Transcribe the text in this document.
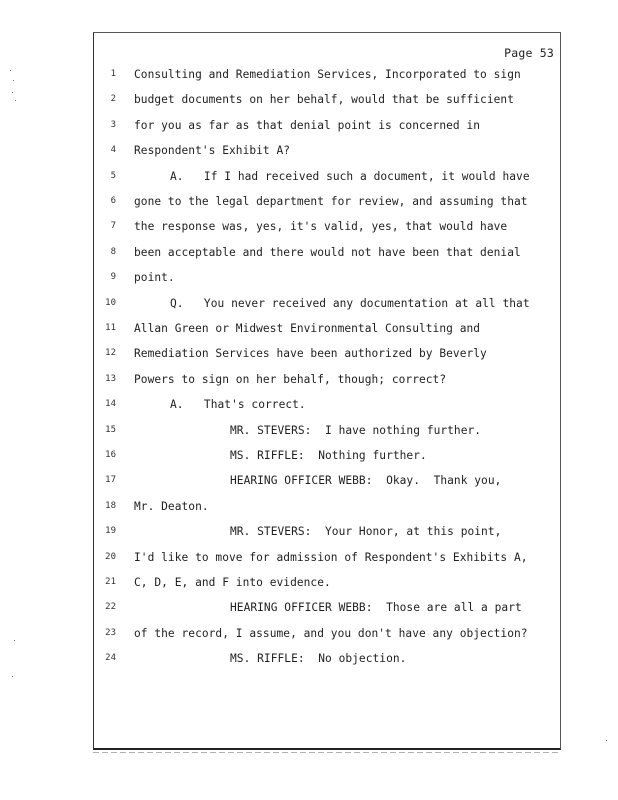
Page 53
1 Consulting and Remediation Services, Incorporated to sign
2 budget documents on her behalf, would that be sufficient
3 for you as far as that denial point is concerned in
4 Respondent's Exhibit A?
5	A.   If I had received such a document, it would have
6 gone to the legal department for review, and assuming that
7 the response was, yes, it's valid, yes, that would have
8 been acceptable and there would not have been that denial
9 point.
10	Q.   You never received any documentation at all that
11 Allan Green or Midwest Environmental Consulting and
12 Remediation Services have been authorized by Beverly
13 Powers to sign on her behalf, though; correct?
14	A.   That's correct.
15	MR. STEVERS:  I have nothing further.
16	MS. RIFFLE:  Nothing further.
17	HEARING OFFICER WEBB:  Okay.  Thank you,
18 Mr. Deaton.
19	MR. STEVERS:  Your Honor, at this point,
20 I'd like to move for admission of Respondent's Exhibits A,
21 C, D, E, and F into evidence.
22	HEARING OFFICER WEBB:  Those are all a part
23 of the record, I assume, and you don't have any objection?
24	MS. RIFFLE:  No objection.
